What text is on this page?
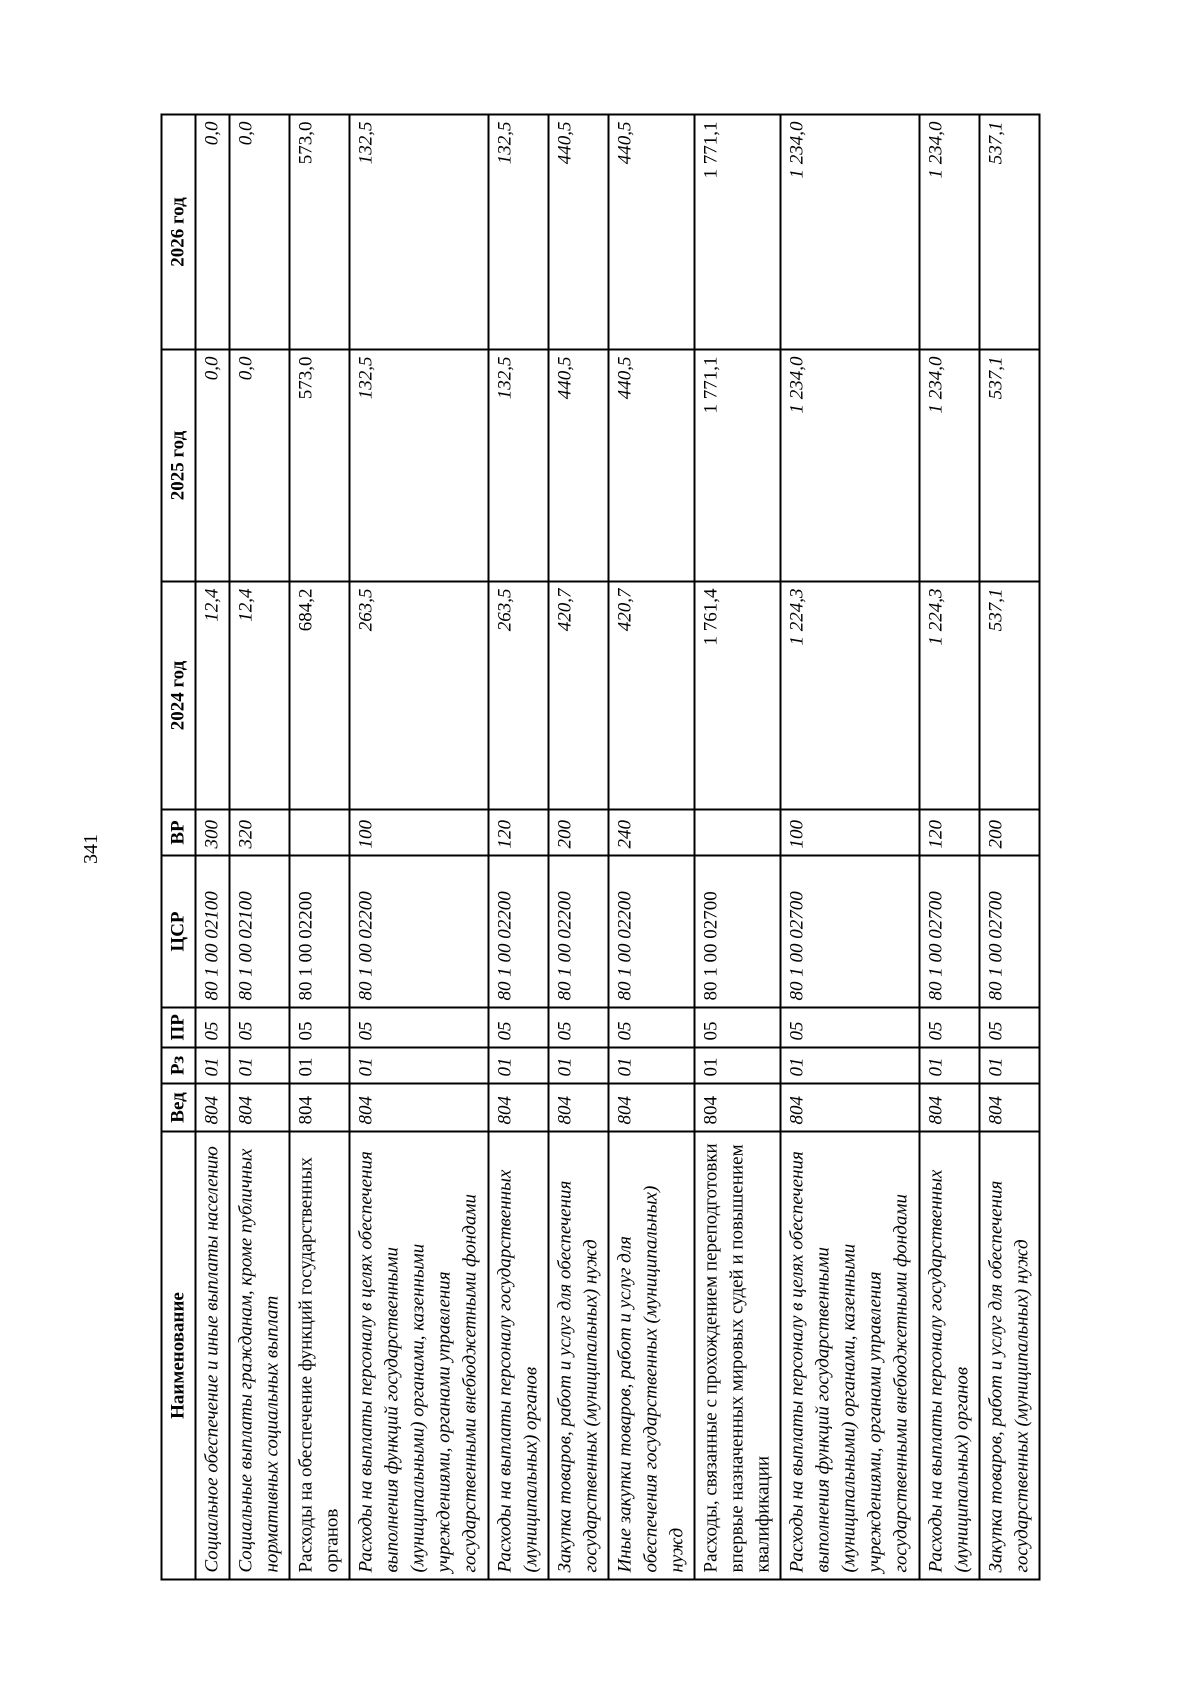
341
Наименование	Вед	Рз	ПР	ЦСР	ВР	2024 год	2025 год	2026 год
Социальное обеспечение и иные выплаты населению	804	01	05	80 1 00 02100	300	12,4	0,0	0,0
Социальные выплаты гражданам, кроме публичных нормативных социальных выплат	804	01	05	80 1 00 02100	320	12,4	0,0	0,0
Расходы на обеспечение функций государственных органов	804	01	05	80 1 00 02200		684,2	573,0	573,0
Расходы на выплаты персоналу в целях обеспечения выполнения функций государственными (муниципальными) органами, казенными учреждениями, органами управления государственными внебюджетными фондами	804	01	05	80 1 00 02200	100	263,5	132,5	132,5
Расходы на выплаты персоналу государственных (муниципальных) органов	804	01	05	80 1 00 02200	120	263,5	132,5	132,5
Закупка товаров, работ и услуг для обеспечения государственных (муниципальных) нужд	804	01	05	80 1 00 02200	200	420,7	440,5	440,5
Иные закупки товаров, работ и услуг для обеспечения государственных (муниципальных) нужд	804	01	05	80 1 00 02200	240	420,7	440,5	440,5
Расходы, связанные с прохождением переподготовки впервые назначенных мировых судей и повышением квалификации	804	01	05	80 1 00 02700		1 761,4	1 771,1	1 771,1
Расходы на выплаты персоналу в целях обеспечения выполнения функций государственными (муниципальными) органами, казенными учреждениями, органами управления государственными внебюджетными фондами	804	01	05	80 1 00 02700	100	1 224,3	1 234,0	1 234,0
Расходы на выплаты персоналу государственных (муниципальных) органов	804	01	05	80 1 00 02700	120	1 224,3	1 234,0	1 234,0
Закупка товаров, работ и услуг для обеспечения государственных (муниципальных) нужд	804	01	05	80 1 00 02700	200	537,1	537,1	537,1
